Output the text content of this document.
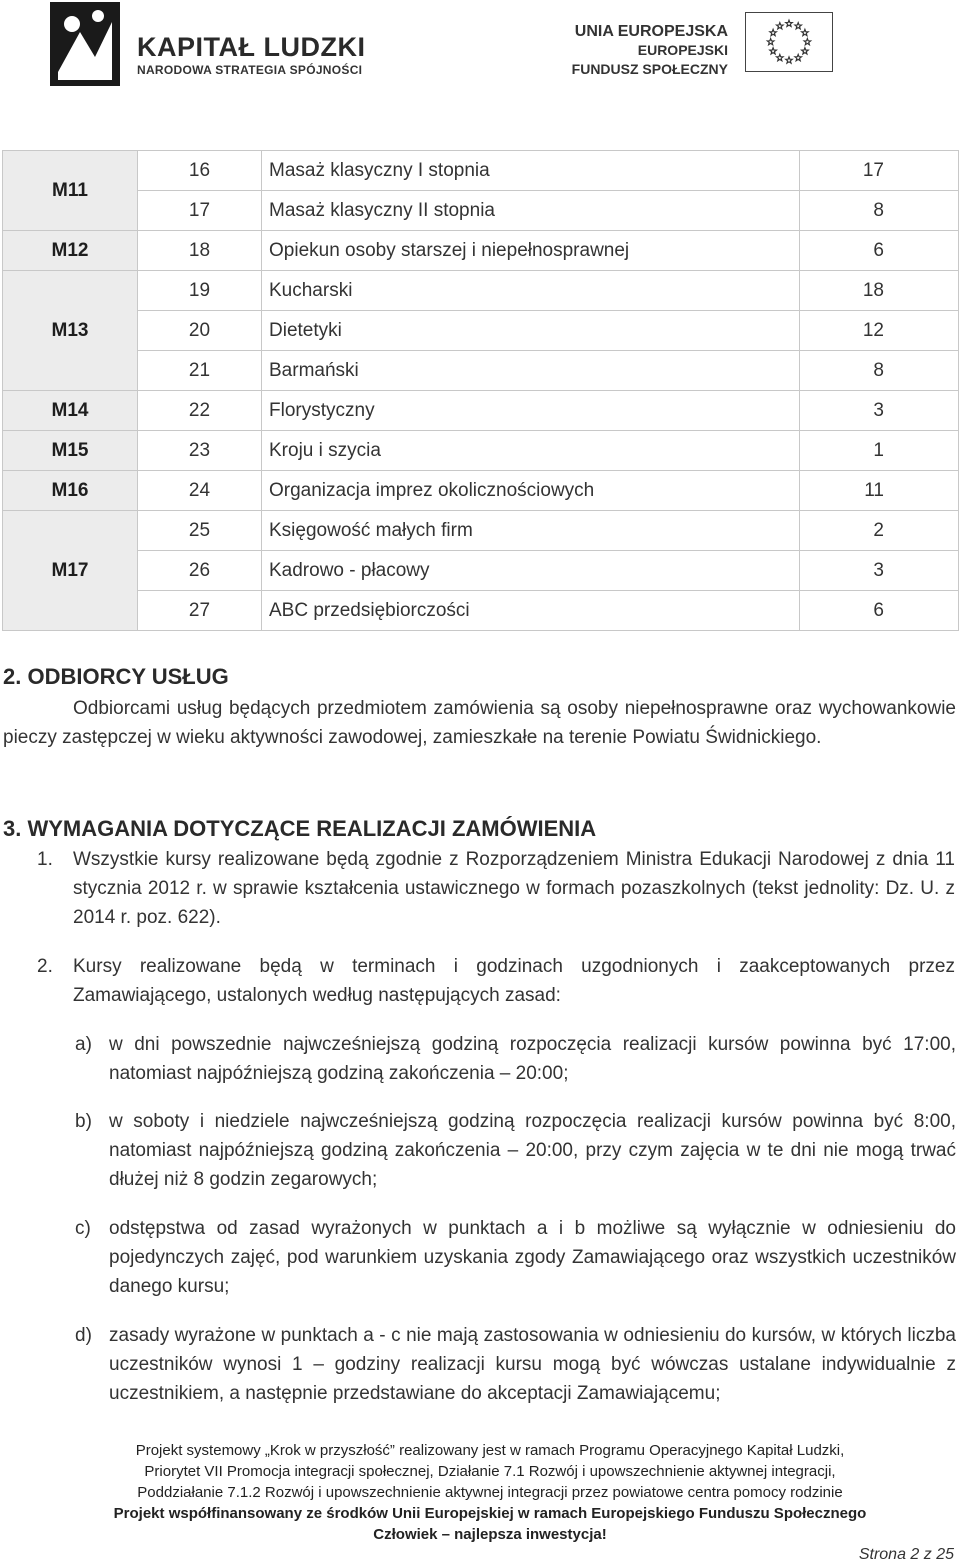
KAPITAŁ LUDZKI
NARODOWA STRATEGIA SPÓJNOŚCI
UNIA EUROPEJSKA
EUROPEJSKI
FUNDUSZ SPOŁECZNY
M11	16	Masaż klasyczny I stopnia	17
	17	Masaż klasyczny II stopnia	8
M12	18	Opiekun osoby starszej i niepełnosprawnej	6
M13	19	Kucharski	18
	20	Dietetyki	12
	21	Barmański	8
M14	22	Florystyczny	3
M15	23	Kroju i szycia	1
M16	24	Organizacja imprez okolicznościowych	11
M17	25	Księgowość małych firm	2
	26	Kadrowo - płacowy	3
	27	ABC przedsiębiorczości	6
2. ODBIORCY USŁUG
Odbiorcami usług będących przedmiotem zamówienia są osoby niepełnosprawne oraz wychowankowie pieczy zastępczej w wieku aktywności zawodowej, zamieszkałe na terenie Powiatu Świdnickiego.
3. WYMAGANIA DOTYCZĄCE REALIZACJI ZAMÓWIENIA
1. Wszystkie kursy realizowane będą zgodnie z Rozporządzeniem Ministra Edukacji Narodowej z dnia 11 stycznia 2012 r. w sprawie kształcenia ustawicznego w formach pozaszkolnych (tekst jednolity: Dz. U. z 2014 r. poz. 622).
2. Kursy realizowane będą w terminach i godzinach uzgodnionych i zaakceptowanych przez Zamawiającego, ustalonych według następujących zasad:
a) w dni powszednie najwcześniejszą godziną rozpoczęcia realizacji kursów powinna być 17:00, natomiast najpóźniejszą godziną zakończenia – 20:00;
b) w soboty i niedziele najwcześniejszą godziną rozpoczęcia realizacji kursów powinna być 8:00, natomiast najpóźniejszą godziną zakończenia – 20:00, przy czym zajęcia w te dni nie mogą trwać dłużej niż 8 godzin zegarowych;
c) odstępstwa od zasad wyrażonych w punktach a i b możliwe są wyłącznie w odniesieniu do pojedynczych zajęć, pod warunkiem uzyskania zgody Zamawiającego oraz wszystkich uczestników danego kursu;
d) zasady wyrażone w punktach a - c nie mają zastosowania w odniesieniu do kursów, w których liczba uczestników wynosi 1 – godziny realizacji kursu mogą być wówczas ustalane indywidualnie z uczestnikiem, a następnie przedstawiane do akceptacji Zamawiającemu;
Projekt systemowy „Krok w przyszłość” realizowany jest w ramach Programu Operacyjnego Kapitał Ludzki,
Priorytet VII Promocja integracji społecznej, Działanie 7.1 Rozwój i upowszechnienie aktywnej integracji,
Poddziałanie 7.1.2 Rozwój i upowszechnienie aktywnej integracji przez powiatowe centra pomocy rodzinie
Projekt współfinansowany ze środków Unii Europejskiej w ramach Europejskiego Funduszu Społecznego
Człowiek – najlepsza inwestycja!
Strona 2 z 25
